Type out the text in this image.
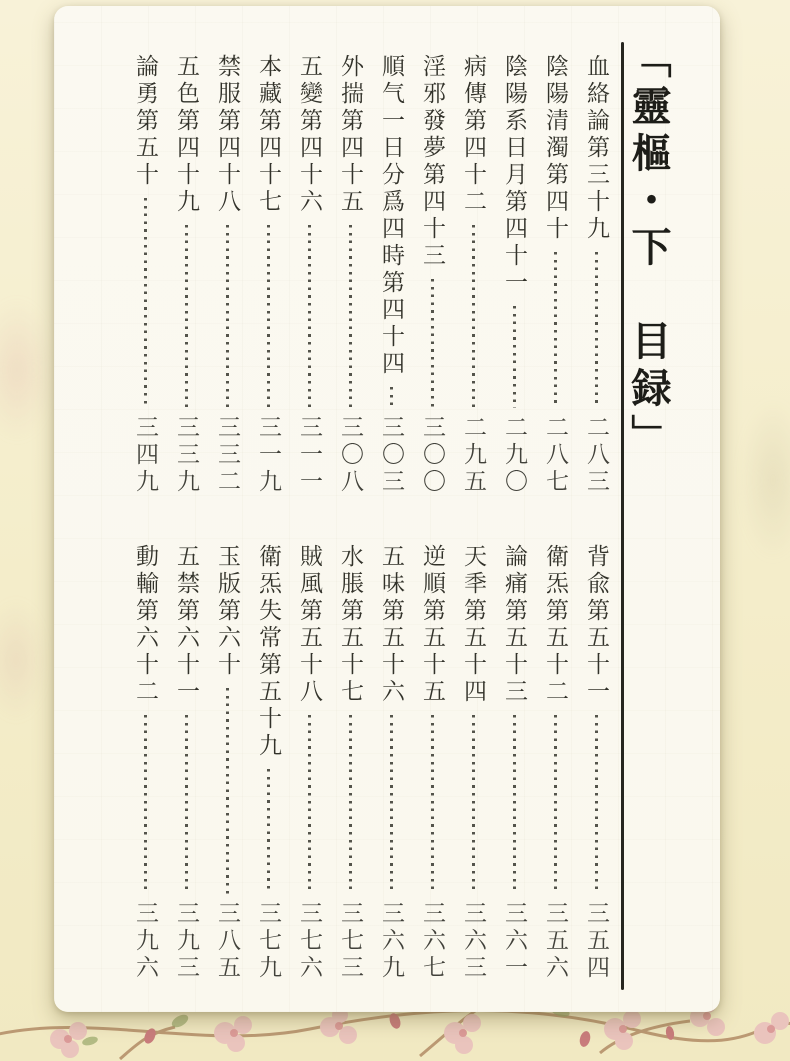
﹁靈樞・下　目録﹂
血絡論第三十九
二八三
陰陽清濁第四十
二八七
陰陽系日月第四十一
二九〇
病傳第四十二
二九五
淫邪發夢第四十三
三〇〇
順气一日分爲四時第四十四
三〇三
外揣第四十五
三〇八
五變第四十六
三一一
本藏第四十七
三一九
禁服第四十八
三三二
五色第四十九
三三九
論勇第五十
三四九
背兪第五十一
三五四
衛炁第五十二
三五六
論痛第五十三
三六一
天秊第五十四
三六三
逆順第五十五
三六七
五味第五十六
三六九
水脹第五十七
三七三
賊風第五十八
三七六
衛炁失常第五十九
三七九
玉版第六十
三八五
五禁第六十一
三九三
動輸第六十二
三九六
